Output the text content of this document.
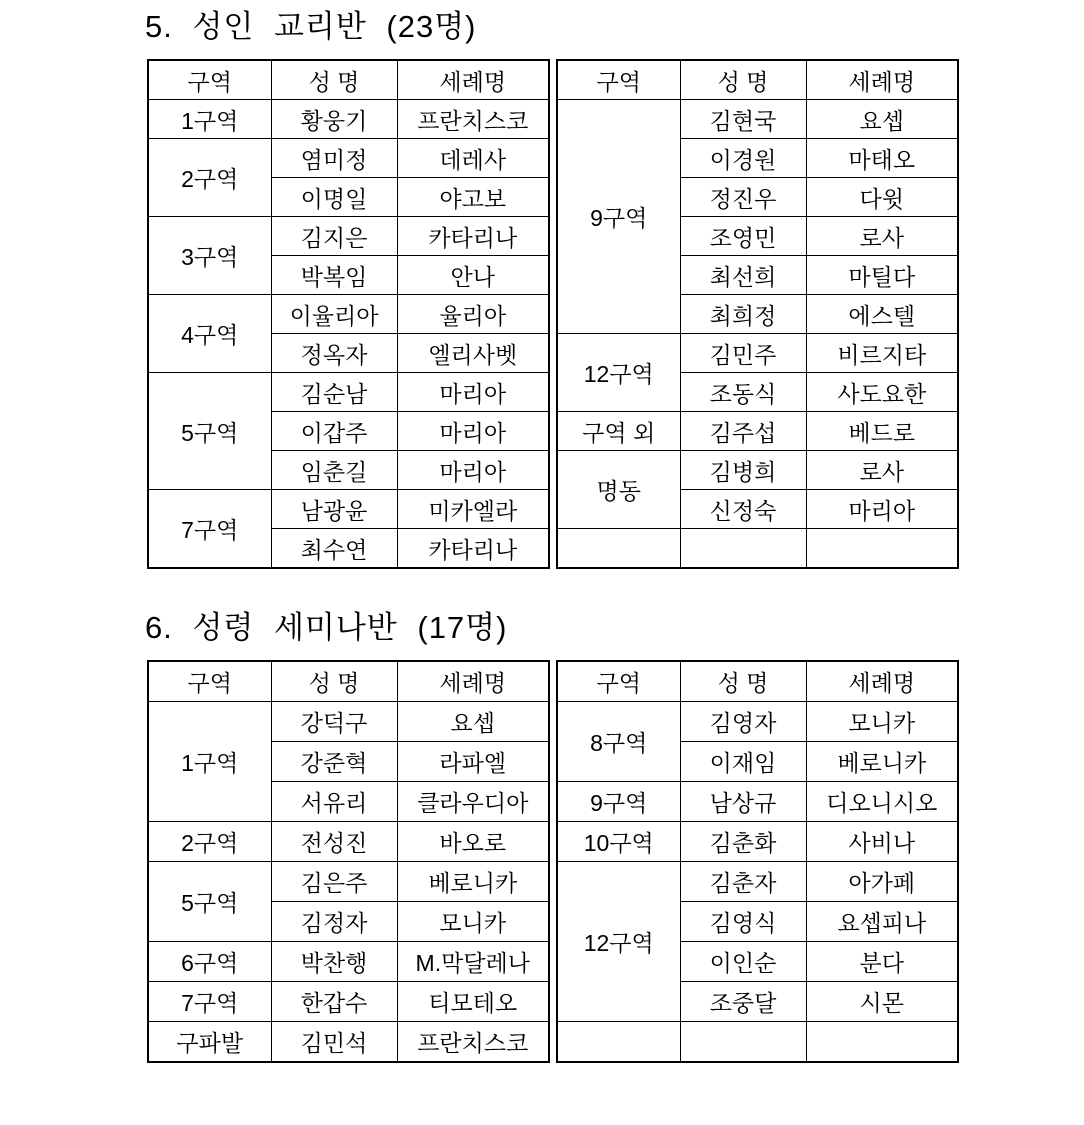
5. 성인 교리반 (23명)
구역	성 명	세례명
1구역	황웅기	프란치스코
2구역	염미정	데레사
	이명일	야고보
3구역	김지은	카타리나
	박복임	안나
4구역	이율리아	율리아
	정옥자	엘리사벳
5구역	김순남	마리아
	이갑주	마리아
	임춘길	마리아
7구역	남광윤	미카엘라
	최수연	카타리나
구역	성 명	세례명
9구역	김현국	요셉
	이경원	마태오
	정진우	다윗
	조영민	로사
	최선희	마틸다
	최희정	에스텔
12구역	김민주	비르지타
	조동식	사도요한
구역 외	김주섭	베드로
명동	김병희	로사
	신정숙	마리아

6. 성령 세미나반 (17명)
구역	성 명	세례명
1구역	강덕구	요셉
	강준혁	라파엘
	서유리	클라우디아
2구역	전성진	바오로
5구역	김은주	베로니카
	김정자	모니카
6구역	박찬행	M.막달레나
7구역	한갑수	티모테오
구파발	김민석	프란치스코
구역	성 명	세례명
8구역	김영자	모니카
	이재임	베로니카
9구역	남상규	디오니시오
10구역	김춘화	사비나
12구역	김춘자	아가페
	김영식	요셉피나
	이인순	분다
	조중달	시몬
